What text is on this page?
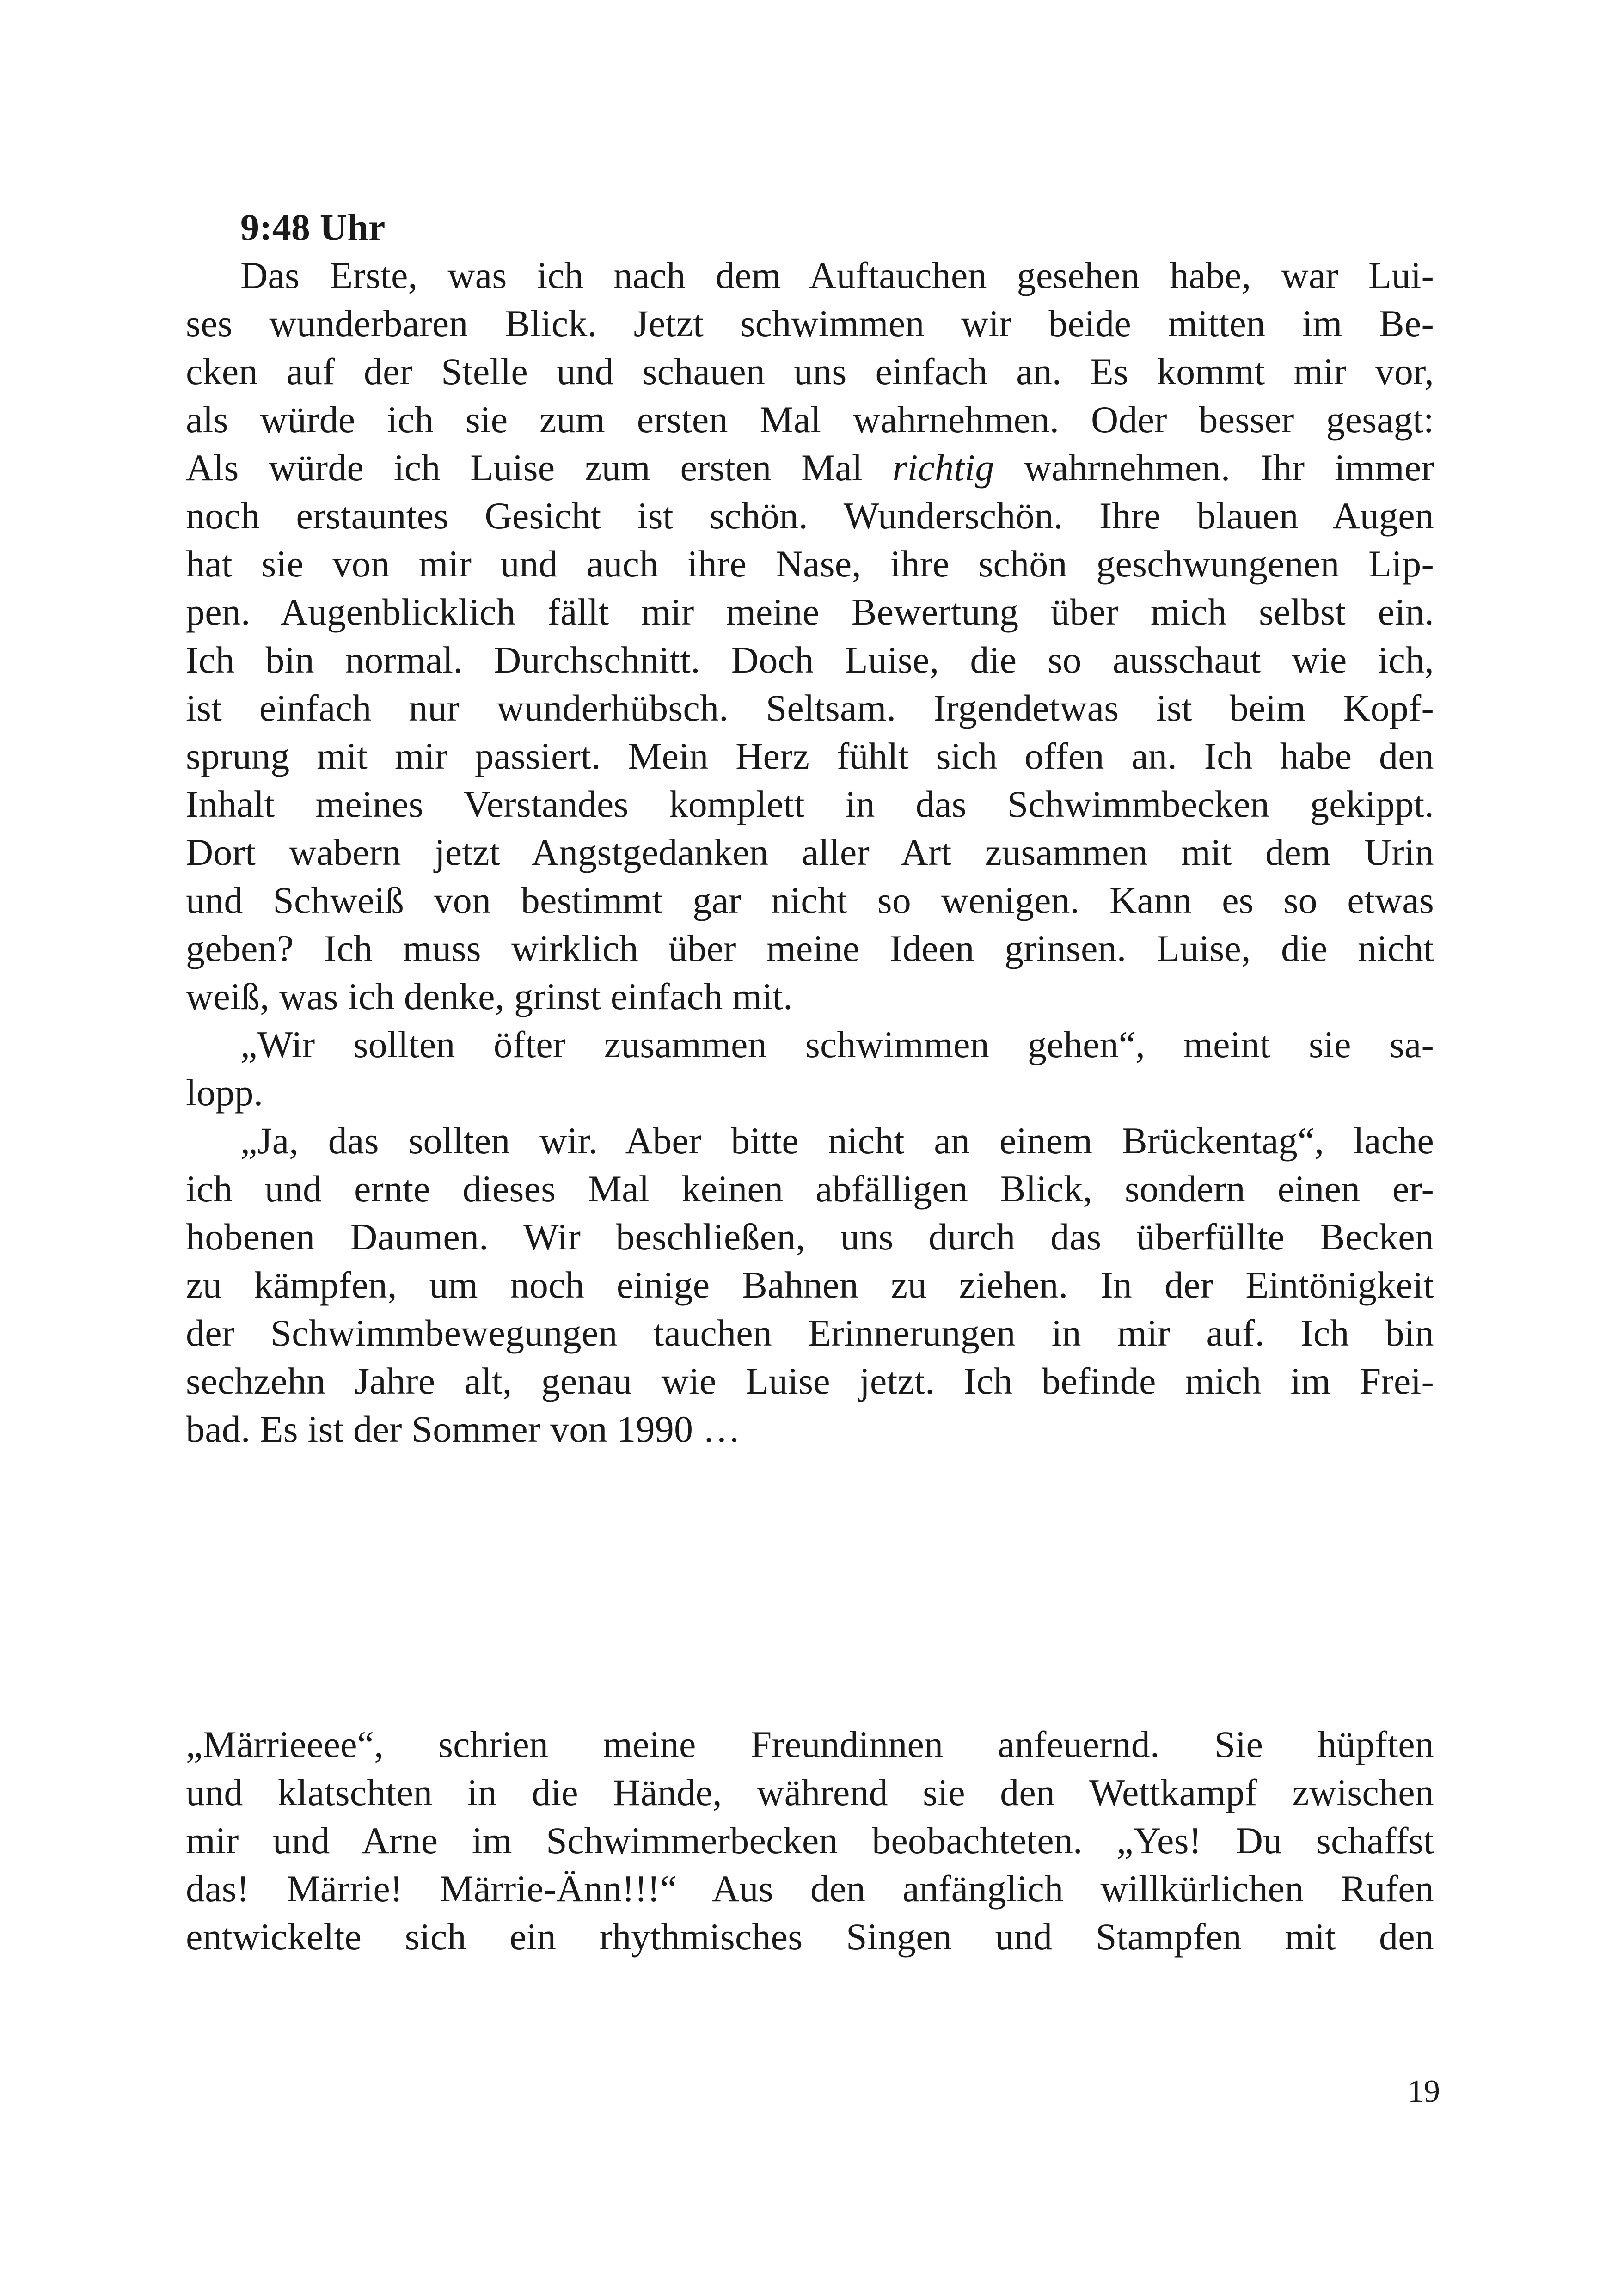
9:48 Uhr
Das Erste, was ich nach dem Auftauchen gesehen habe, war Lui-
ses wunderbaren Blick. Jetzt schwimmen wir beide mitten im Be-
cken auf der Stelle und schauen uns einfach an. Es kommt mir vor,
als würde ich sie zum ersten Mal wahrnehmen. Oder besser gesagt:
Als würde ich Luise zum ersten Mal richtig wahrnehmen. Ihr immer
noch erstauntes Gesicht ist schön. Wunderschön. Ihre blauen Augen
hat sie von mir und auch ihre Nase, ihre schön geschwungenen Lip-
pen. Augenblicklich fällt mir meine Bewertung über mich selbst ein.
Ich bin normal. Durchschnitt. Doch Luise, die so ausschaut wie ich,
ist einfach nur wunderhübsch. Seltsam. Irgendetwas ist beim Kopf-
sprung mit mir passiert. Mein Herz fühlt sich offen an. Ich habe den
Inhalt meines Verstandes komplett in das Schwimmbecken gekippt.
Dort wabern jetzt Angstgedanken aller Art zusammen mit dem Urin
und Schweiß von bestimmt gar nicht so wenigen. Kann es so etwas
geben? Ich muss wirklich über meine Ideen grinsen. Luise, die nicht
weiß, was ich denke, grinst einfach mit.
„Wir sollten öfter zusammen schwimmen gehen“, meint sie sa-
lopp.
„Ja, das sollten wir. Aber bitte nicht an einem Brückentag“, lache
ich und ernte dieses Mal keinen abfälligen Blick, sondern einen er-
hobenen Daumen. Wir beschließen, uns durch das überfüllte Becken
zu kämpfen, um noch einige Bahnen zu ziehen. In der Eintönigkeit
der Schwimmbewegungen tauchen Erinnerungen in mir auf. Ich bin
sechzehn Jahre alt, genau wie Luise jetzt. Ich befinde mich im Frei-
bad. Es ist der Sommer von 1990 …
„Märrieeee“, schrien meine Freundinnen anfeuernd. Sie hüpften
und klatschten in die Hände, während sie den Wettkampf zwischen
mir und Arne im Schwimmerbecken beobachteten. „Yes! Du schaffst
das! Märrie! Märrie-Ännǃǃǃ“ Aus den anfänglich willkürlichen Rufen
entwickelte sich ein rhythmisches Singen und Stampfen mit den
19
